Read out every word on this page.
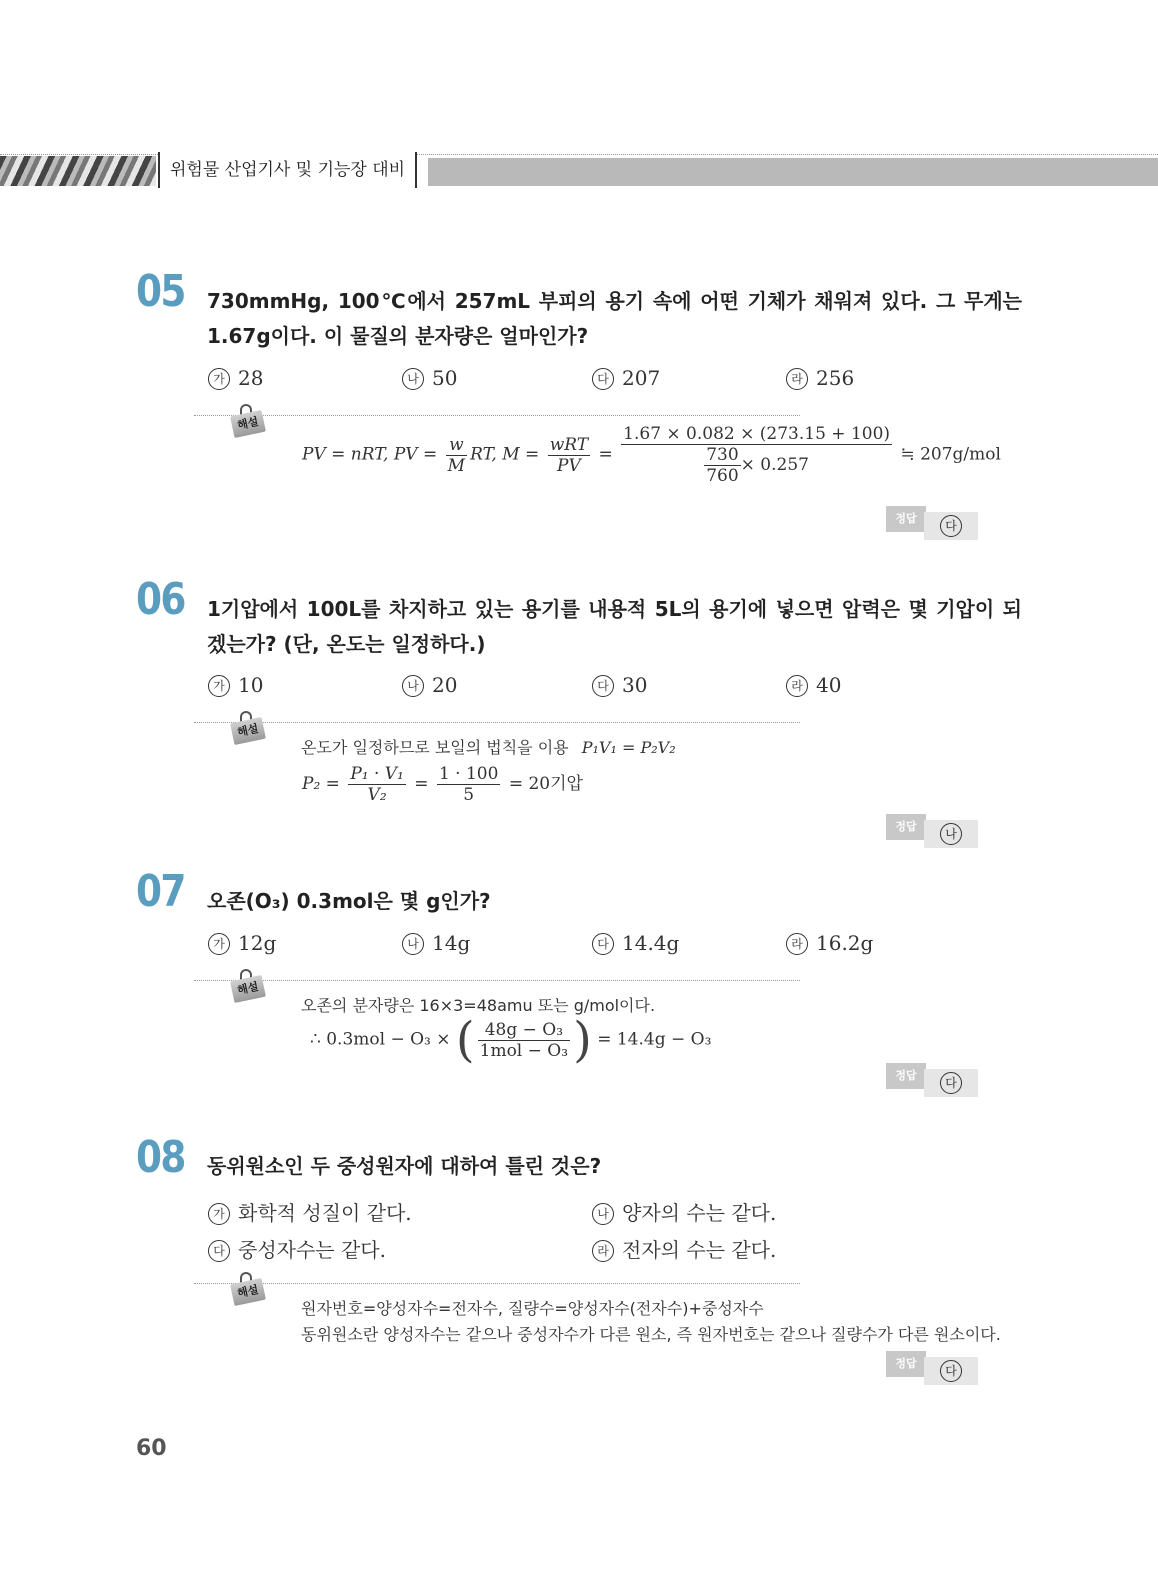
위험물 산업기사 및 기능장 대비
05 730mmHg, 100℃에서 257mL 부피의 용기 속에 어떤 기체가 채워져 있다. 그 무게는 1.67g이다. 이 물질의 분자량은 얼마인가?
가 28	나 50	다 207	라 256
해설
PV = nRT, PV = $\frac{w}{M}$ RT, $M = \frac{\text{wRT}}{PV} = \frac{1.67 \times 0.082 \times (273.15 + 100)}{\frac{730}{760} \times 0.257}$ ≒ 207g/mol
정답
다
06 1기압에서 100L를 차지하고 있는 용기를 내용적 5L의 용기에 넣으면 압력은 몇 기압이 되겠는가? (단, 온도는 일정하다.)
가 10	나 20	다 30	라 40
해설
온도가 일정하므로 보일의 법칙을 이용 P₁V₁ = P₂V₂
$P_2 = \frac{\text{P₁ · V₁}}{\text{V₂}} = \frac{1 \cdot 100}{5} = 20$기압
정답
나
07 오존(O₃) 0.3mol은 몇 g인가?
가 12g	나 14g	다 14.4g	라 16.2g
해설
오존의 분자량은 16×3=48amu 또는 g/mol이다.
∴ 0.3mol − O₃ × ( $\frac{\text{48g − O₃}}{\text{1mol − O₃}}$ ) = 14.4g − O₃
정답
다
08 동위원소인 두 중성원자에 대하여 틀린 것은?
가 화학적 성질이 같다.	나 양자의 수는 같다.
다 중성자수는 같다.	라 전자의 수는 같다.
해설
원자번호=양성자수=전자수, 질량수=양성자수(전자수)+중성자수
동위원소란 양성자수는 같으나 중성자수가 다른 원소, 즉 원자번호는 같으나 질량수가 다른 원소이다.
정답
다
60
